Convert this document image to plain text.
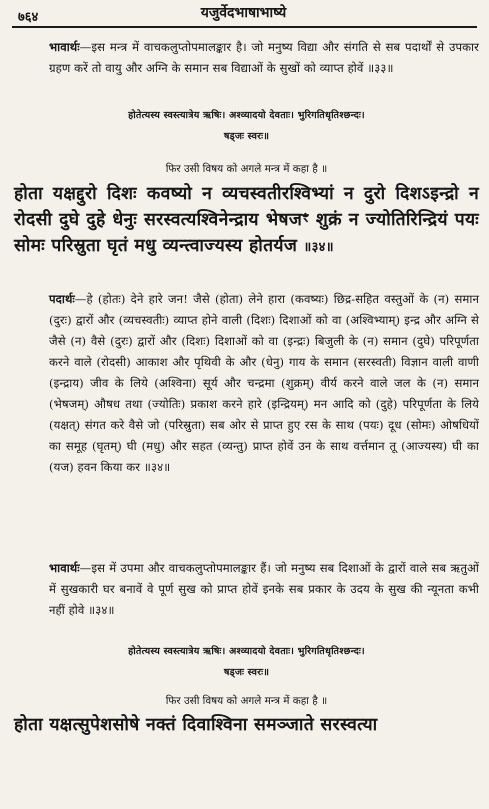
७६४	यजुर्वेदभाषाभाष्ये
भावार्थः—इस मन्त्र में वाचकलुप्तोपमालङ्कार है। जो मनुष्य विद्या और संगति से सब पदार्थों से उपकार ग्रहण करें तो वायु और अग्नि के समान सब विद्याओं के सुखों को व्याप्त होवें ॥३३॥
होतेत्यस्य स्वस्त्यात्रेय ऋषिः। अश्व्यादयो देवताः। भुरिगतिधृतिश्छन्दः।
षड्जः स्वरः॥
फिर उसी विषय को अगले मन्त्र में कहा है ॥
होता यक्षद्दुरो दिशः कवष्यो न व्यचस्वतीरश्विभ्यां न दुरो दिशऽइन्द्रो न रोदसी दुघे दुहे धेनुः सरस्वत्यश्विनेन्द्राय भेषजꣳ शुक्रं न ज्योतिरिन्द्रियं पयः सोमः परिस्रुता घृतं मधु व्यन्त्वाज्यस्य होतर्यज ॥३४॥
पदार्थः—हे (होतः) देने हारे जन! जैसे (होता) लेने हारा (कवष्यः) छिद्र-सहित वस्तुओं के (न) समान (दुरः) द्वारों और (व्यचस्वतीः) व्याप्त होने वाली (दिशः) दिशाओं को वा (अश्विभ्याम्) इन्द्र और अग्नि से जैसे (न) वैसे (दुरः) द्वारों और (दिशः) दिशाओं को वा (इन्द्रः) बिजुली के (न) समान (दुघे) परिपूर्णता करने वाले (रोदसी) आकाश और पृथिवी के और (धेनु) गाय के समान (सरस्वती) विज्ञान वाली वाणी (इन्द्राय) जीव के लिये (अश्विना) सूर्य और चन्द्रमा (शुक्रम्) वीर्य करने वाले जल के (न) समान (भेषजम्) औषध तथा (ज्योतिः) प्रकाश करने हारे (इन्द्रियम्) मन आदि को (दुहे) परिपूर्णता के लिये (यक्षत्) संगत करे वैसे जो (परिस्रुता) सब ओर से प्राप्त हुए रस के साथ (पयः) दूध (सोमः) ओषधियों का समूह (घृतम्) घी (मधु) और सहत (व्यन्तु) प्राप्त होवें उन के साथ वर्त्तमान तू (आज्यस्य) घी का (यज) हवन किया कर ॥३४॥
भावार्थः—इस में उपमा और वाचकलुप्तोपमालङ्कार हैं। जो मनुष्य सब दिशाओं के द्वारों वाले सब ऋतुओं में सुखकारी घर बनावें वे पूर्ण सुख को प्राप्त होवें इनके सब प्रकार के उदय के सुख की न्यूनता कभी नहीं होवे ॥३४॥
होतेत्यस्य स्वस्त्यात्रेय ऋषिः। अश्व्यादयो देवताः। भुरिगतिधृतिश्छन्दः।
षड्जः स्वरः॥
फिर उसी विषय को अगले मन्त्र में कहा है ॥
होता यक्षत्सुपेशसोषे नक्तं दिवाश्विना समञ्जाते सरस्वत्या
